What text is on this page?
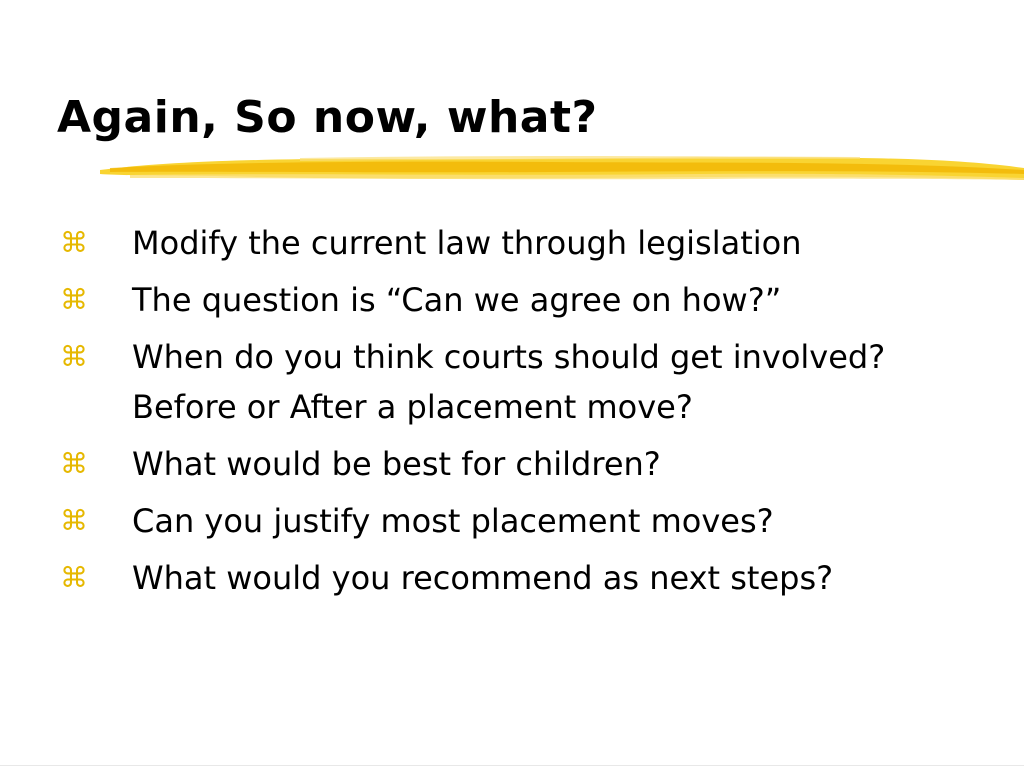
Again, So now, what?
⌘ Modify the current law through legislation
⌘ The question is “Can we agree on how?”
⌘ When do you think courts should get involved?
Before or After a placement move?
⌘ What would be best for children?
⌘ Can you justify most placement moves?
⌘ What would you recommend as next steps?
